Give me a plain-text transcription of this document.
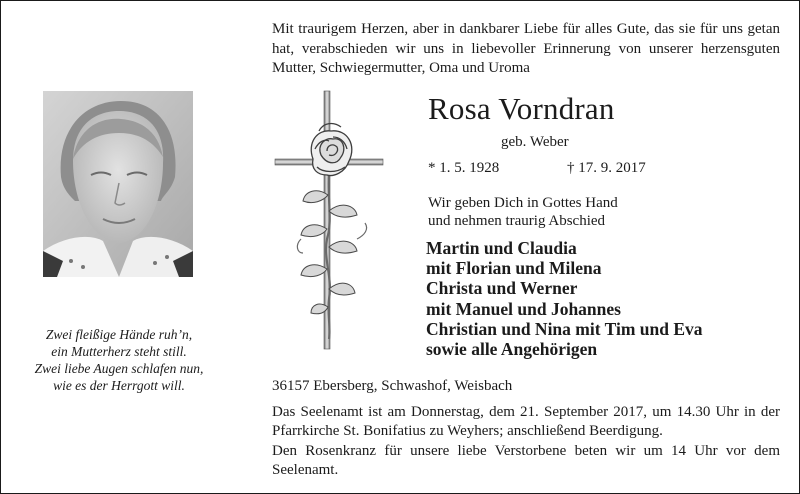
Mit traurigem Herzen, aber in dankbarer Liebe für alles Gute, das sie für uns getan hat, verabschieden wir uns in liebevoller Erinnerung von unserer herzensguten Mutter, Schwiegermutter, Oma und Uroma
Zwei fleißige Hände ruh’n,
ein Mutterherz steht still.
Zwei liebe Augen schlafen nun,
wie es der Herrgott will.
Rosa Vorndran
geb. Weber
* 1. 5. 1928	† 17. 9. 2017
Wir geben Dich in Gottes Hand
und nehmen traurig Abschied
Martin und Claudia
mit Florian und Milena
Christa und Werner
mit Manuel und Johannes
Christian und Nina mit Tim und Eva
sowie alle Angehörigen
36157 Ebersberg, Schwashof, Weisbach
Das Seelenamt ist am Donnerstag, dem 21. September 2017, um 14.30 Uhr in der Pfarrkirche St. Bonifatius zu Weyhers; anschließend Beerdigung.
Den Rosenkranz für unsere liebe Verstorbene beten wir um 14 Uhr vor dem Seelenamt.
